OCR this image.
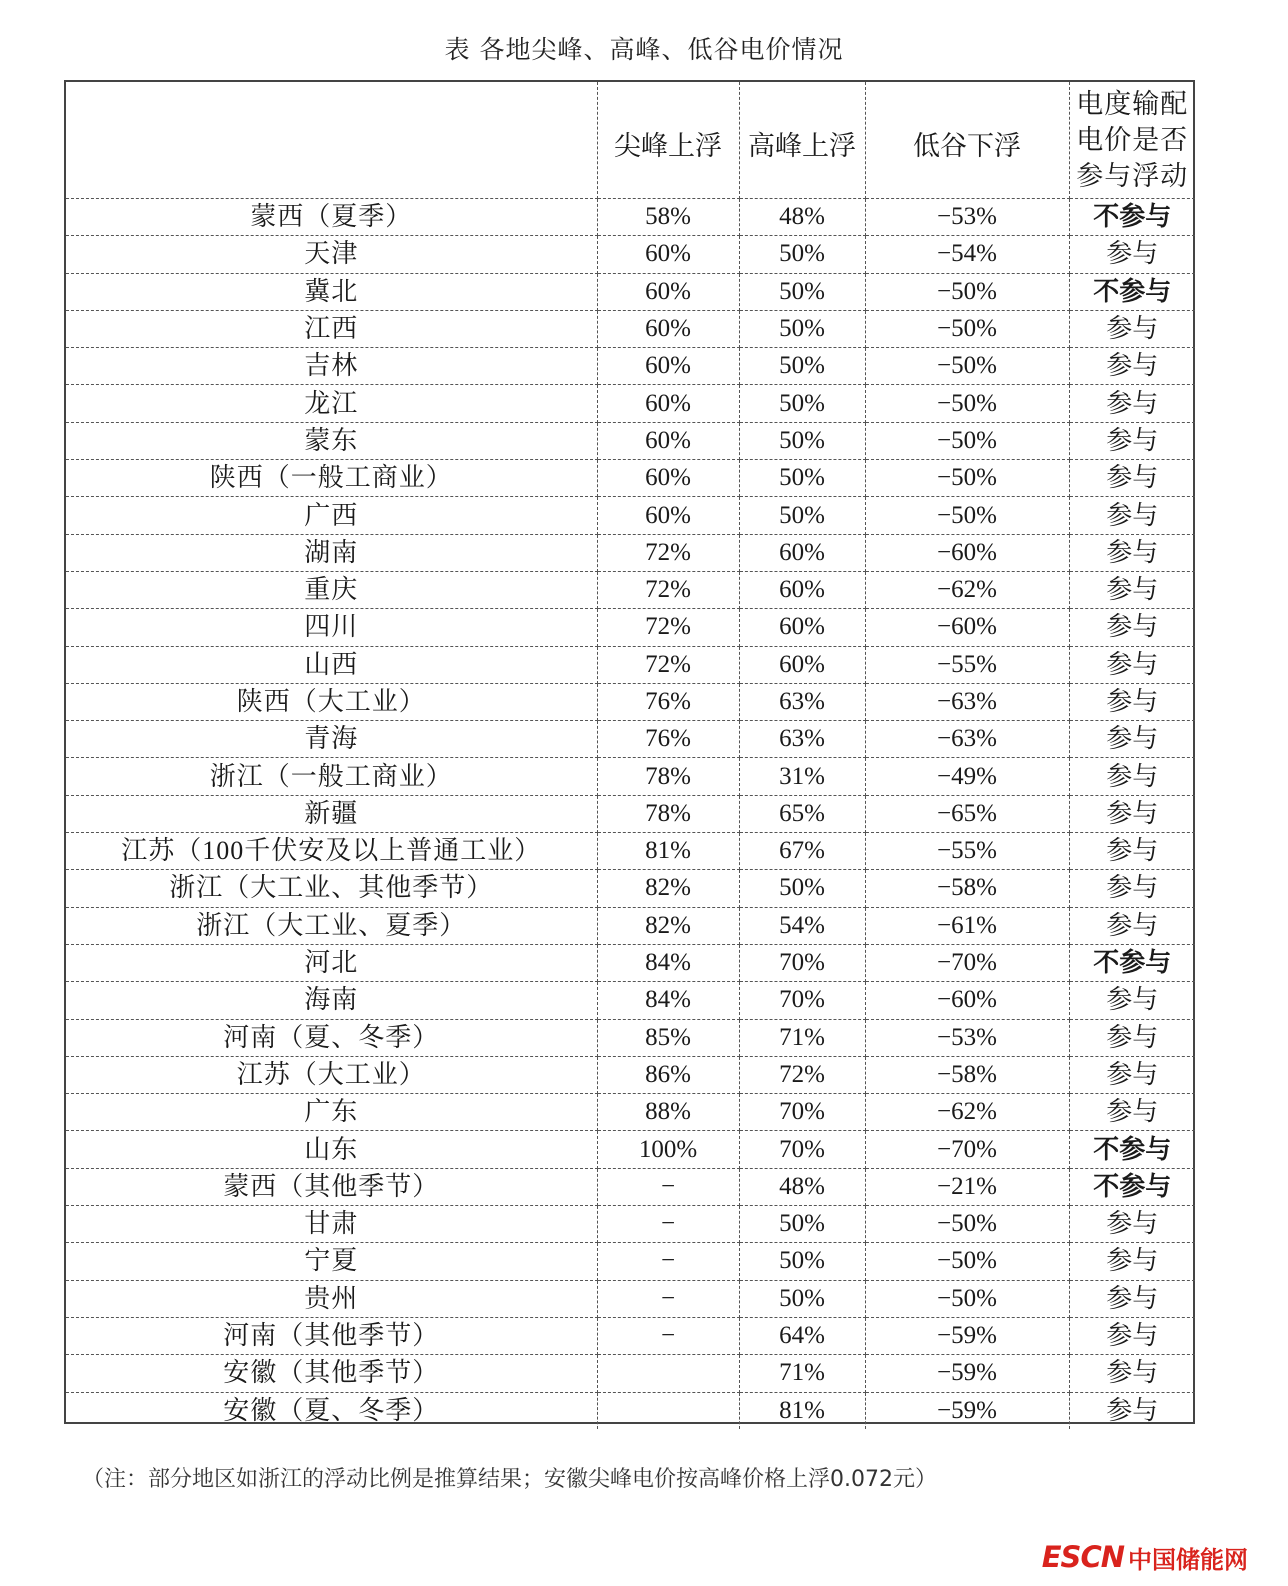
表 各地尖峰、高峰、低谷电价情况
	尖峰上浮	高峰上浮	低谷下浮	电度输配电价是否参与浮动
蒙西（夏季）	58%	48%	−53%	不参与
天津	60%	50%	−54%	参与
冀北	60%	50%	−50%	不参与
江西	60%	50%	−50%	参与
吉林	60%	50%	−50%	参与
龙江	60%	50%	−50%	参与
蒙东	60%	50%	−50%	参与
陕西（一般工商业）	60%	50%	−50%	参与
广西	60%	50%	−50%	参与
湖南	72%	60%	−60%	参与
重庆	72%	60%	−62%	参与
四川	72%	60%	−60%	参与
山西	72%	60%	−55%	参与
陕西（大工业）	76%	63%	−63%	参与
青海	76%	63%	−63%	参与
浙江（一般工商业）	78%	31%	−49%	参与
新疆	78%	65%	−65%	参与
江苏（100千伏安及以上普通工业）	81%	67%	−55%	参与
浙江（大工业、其他季节）	82%	50%	−58%	参与
浙江（大工业、夏季）	82%	54%	−61%	参与
河北	84%	70%	−70%	不参与
海南	84%	70%	−60%	参与
河南（夏、冬季）	85%	71%	−53%	参与
江苏（大工业）	86%	72%	−58%	参与
广东	88%	70%	−62%	参与
山东	100%	70%	−70%	不参与
蒙西（其他季节）	−	48%	−21%	不参与
甘肃	−	50%	−50%	参与
宁夏	−	50%	−50%	参与
贵州	−	50%	−50%	参与
河南（其他季节）	−	64%	−59%	参与
安徽（其他季节）		71%	−59%	参与
安徽（夏、冬季）		81%	−59%	参与
（注：部分地区如浙江的浮动比例是推算结果；安徽尖峰电价按高峰价格上浮0.072元）
ESCN 中国储能网
